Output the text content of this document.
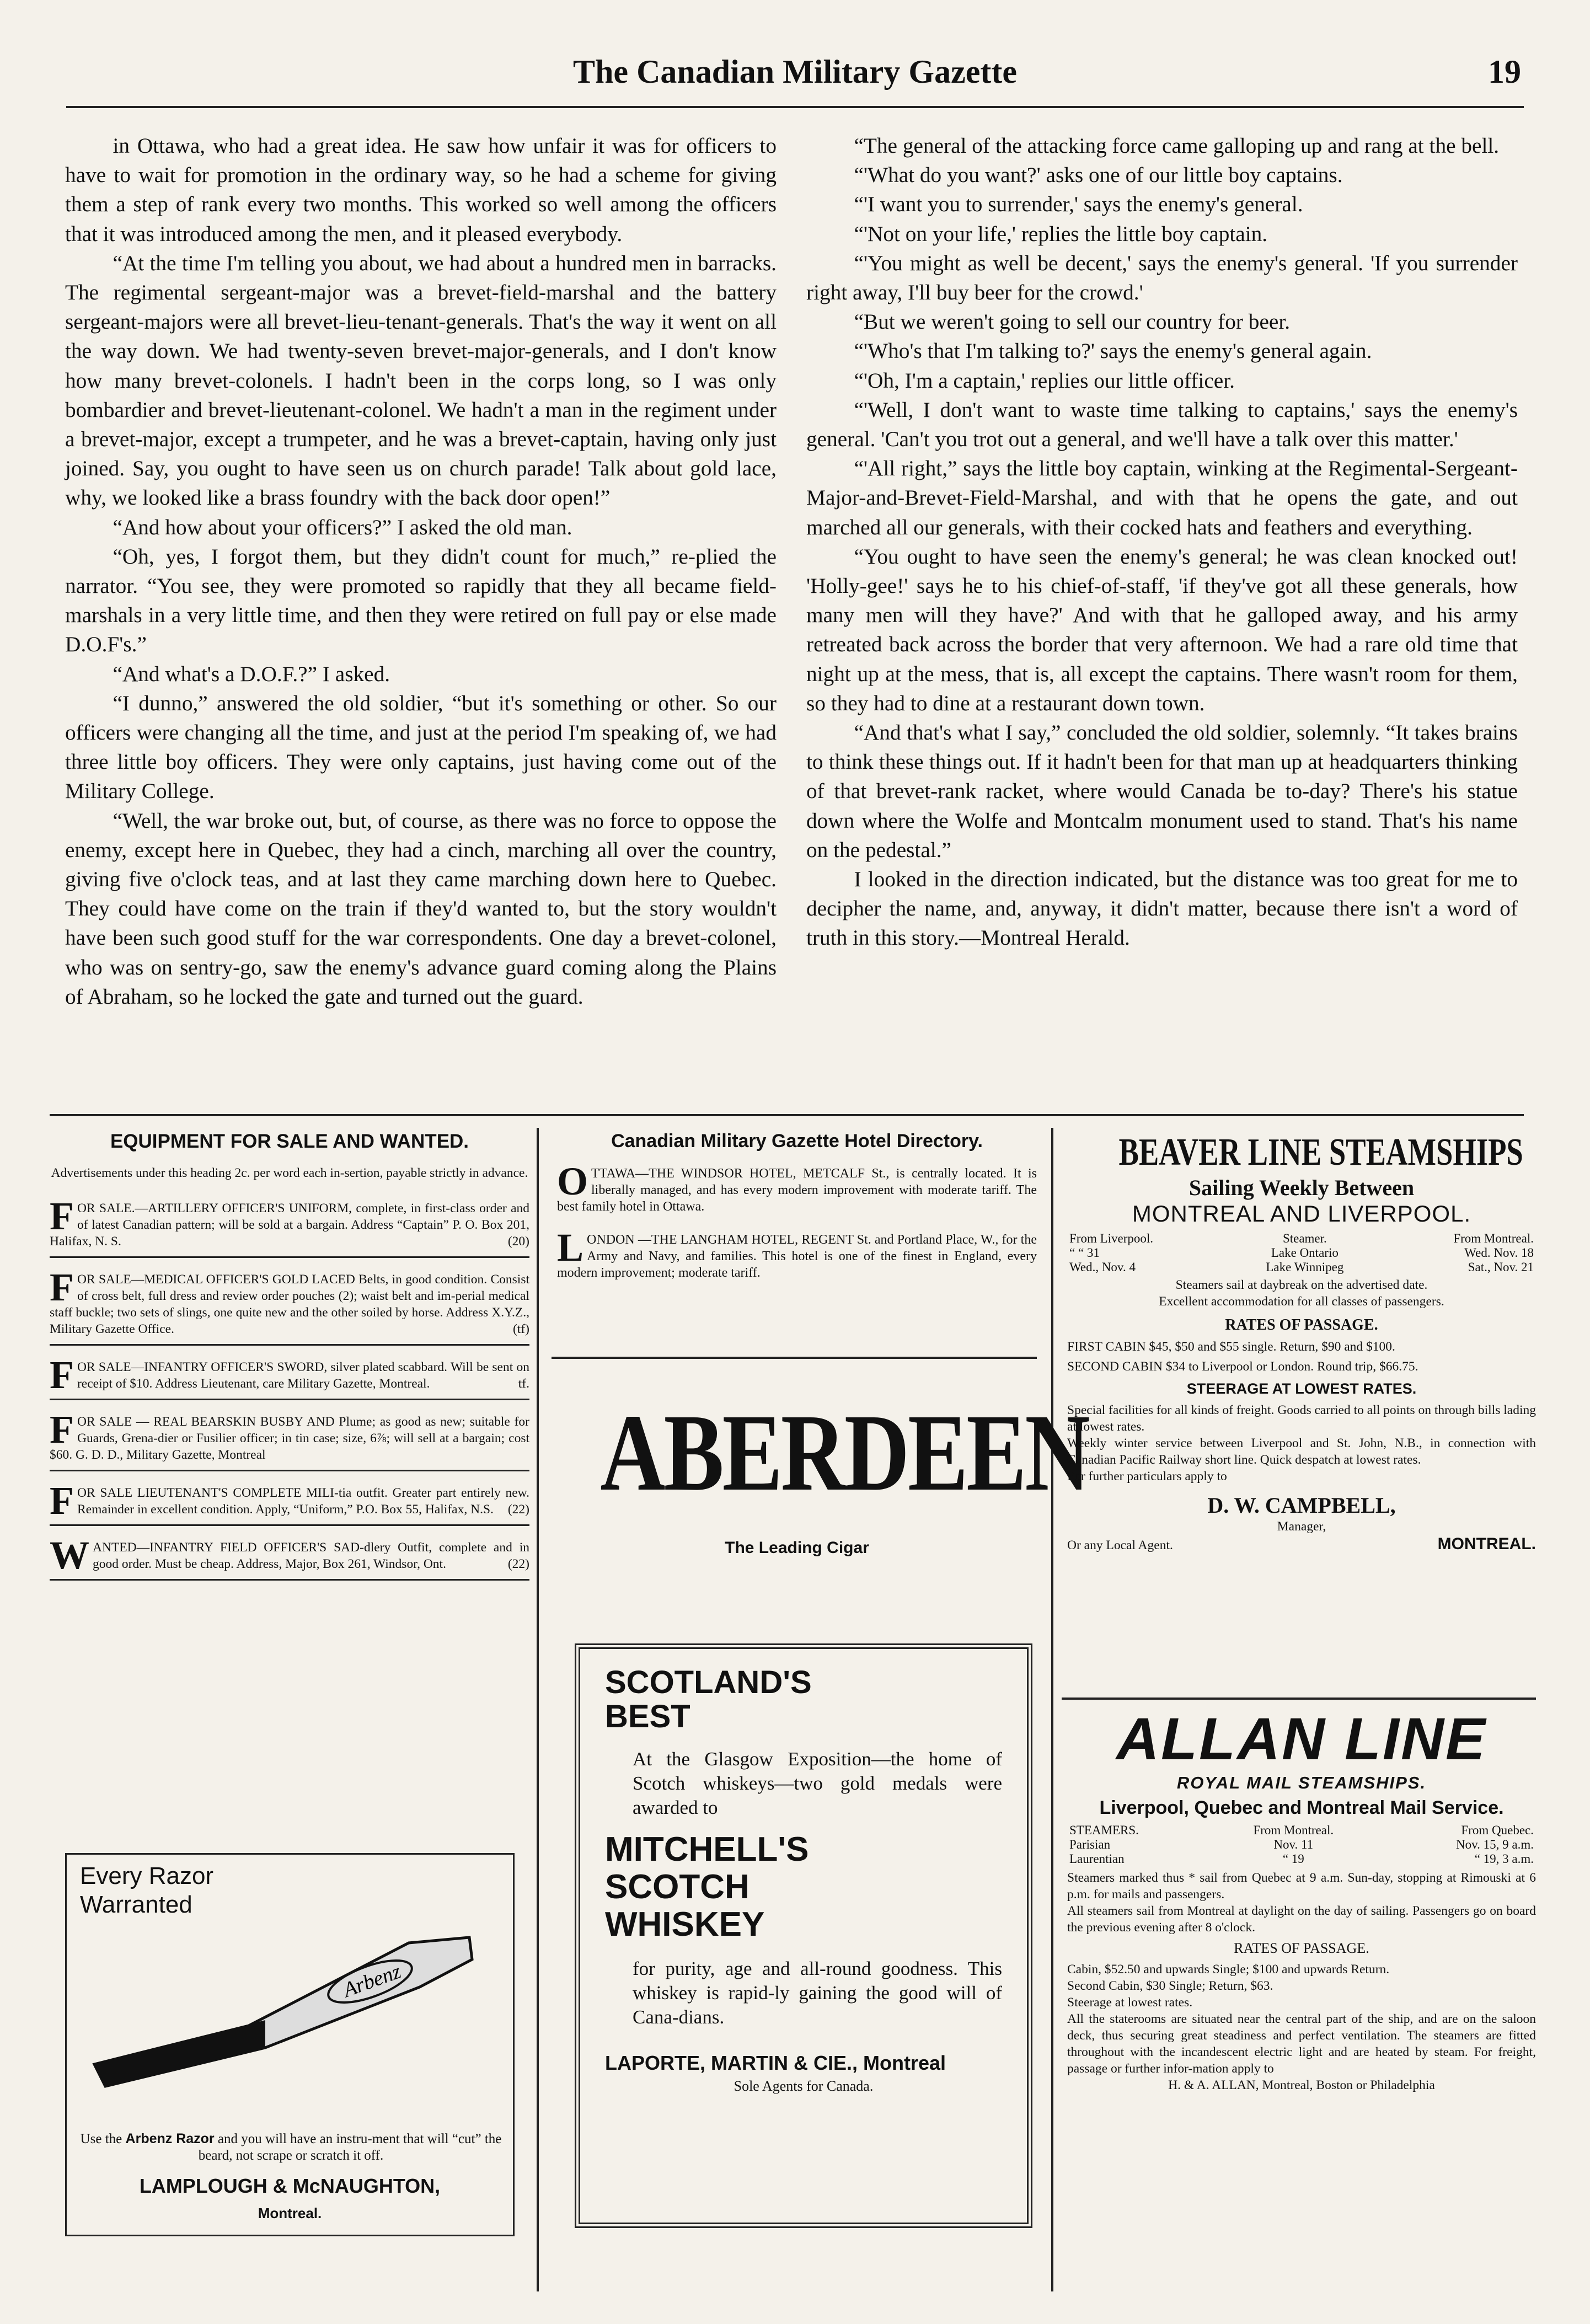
The Canadian Military Gazette	19

in Ottawa, who had a great idea. He saw how unfair it was for officers to have to wait for promotion in the ordinary way, so he had a scheme for giving them a step of rank every two months. This worked so well among the officers that it was introduced among the men, and it pleased everybody.

“At the time I'm telling you about, we had about a hundred men in barracks. The regimental sergeant-major was a brevet-field-marshal and the battery sergeant-majors were all brevet-lieu-tenant-generals. That's the way it went on all the way down. We had twenty-seven brevet-major-generals, and I don't know how many brevet-colonels. I hadn't been in the corps long, so I was only bombardier and brevet-lieutenant-colonel. We hadn't a man in the regiment under a brevet-major, except a trumpeter, and he was a brevet-captain, having only just joined. Say, you ought to have seen us on church parade! Talk about gold lace, why, we looked like a brass foundry with the back door open!”

“And how about your officers?” I asked the old man.

“Oh, yes, I forgot them, but they didn't count for much,” re-plied the narrator. “You see, they were promoted so rapidly that they all became field-marshals in a very little time, and then they were retired on full pay or else made D.O.F's.”

“And what's a D.O.F.?” I asked.

“I dunno,” answered the old soldier, “but it's something or other. So our officers were changing all the time, and just at the period I'm speaking of, we had three little boy officers. They were only captains, just having come out of the Military College.

“Well, the war broke out, but, of course, as there was no force to oppose the enemy, except here in Quebec, they had a cinch, marching all over the country, giving five o'clock teas, and at last they came marching down here to Quebec. They could have come on the train if they'd wanted to, but the story wouldn't have been such good stuff for the war correspondents. One day a brevet-colonel, who was on sentry-go, saw the enemy's advance guard coming along the Plains of Abraham, so he locked the gate and turned out the guard.

“The general of the attacking force came galloping up and rang at the bell.

“'What do you want?' asks one of our little boy captains.

“'I want you to surrender,' says the enemy's general.

“'Not on your life,' replies the little boy captain.

“'You might as well be decent,' says the enemy's general. 'If you surrender right away, I'll buy beer for the crowd.'

“But we weren't going to sell our country for beer.

“'Who's that I'm talking to?' says the enemy's general again.

“'Oh, I'm a captain,' replies our little officer.

“'Well, I don't want to waste time talking to captains,' says the enemy's general. 'Can't you trot out a general, and we'll have a talk over this matter.'

“'All right,” says the little boy captain, winking at the Regimental-Sergeant-Major-and-Brevet-Field-Marshal, and with that he opens the gate, and out marched all our generals, with their cocked hats and feathers and everything.

“You ought to have seen the enemy's general; he was clean knocked out! 'Holly-gee!' says he to his chief-of-staff, 'if they've got all these generals, how many men will they have?' And with that he galloped away, and his army retreated back across the border that very afternoon. We had a rare old time that night up at the mess, that is, all except the captains. There wasn't room for them, so they had to dine at a restaurant down town.

“And that's what I say,” concluded the old soldier, solemnly. “It takes brains to think these things out. If it hadn't been for that man up at headquarters thinking of that brevet-rank racket, where would Canada be to-day? There's his statue down where the Wolfe and Montcalm monument used to stand. That's his name on the pedestal.”

I looked in the direction indicated, but the distance was too great for me to decipher the name, and, anyway, it didn't matter, because there isn't a word of truth in this story.—Montreal Herald.

EQUIPMENT FOR SALE AND WANTED.
Advertisements under this heading 2c. per word each in-sertion, payable strictly in advance.
FOR SALE.—ARTILLERY OFFICER'S UNIFORM, complete, in first-class order and of latest Canadian pattern; will be sold at a bargain. Address “Captain” P. O. Box 201, Halifax, N. S.	(20)
FOR SALE—MEDICAL OFFICER'S GOLD LACED Belts, in good condition. Consist of cross belt, full dress and review order pouches (2); waist belt and im-perial medical staff buckle; two sets of slings, one quite new and the other soiled by horse. Address X.Y.Z., Military Gazette Office.	(tf)
FOR SALE—INFANTRY OFFICER'S SWORD, silver plated scabbard. Will be sent on receipt of $10. Address Lieutenant, care Military Gazette, Montreal.	tf.
FOR SALE — REAL BEARSKIN BUSBY AND Plume; as good as new; suitable for Guards, Grena-dier or Fusilier officer; in tin case; size, 6⅞; will sell at a bargain; cost $60. G. D. D., Military Gazette, Montreal
FOR SALE LIEUTENANT'S COMPLETE MILI-tia outfit. Greater part entirely new. Remainder in excellent condition. Apply, “Uniform,” P.O. Box 55, Halifax, N.S. (22)
WANTED—INFANTRY FIELD OFFICER'S SAD-dlery Outfit, complete and in good order. Must be cheap. Address, Major, Box 261, Windsor, Ont.	(22)
Every Razor
Warranted
Arbenz
Use the Arbenz Razor and you will have an instru-ment that will “cut” the beard, not scrape or scratch it off.
LAMPLOUGH & McNAUGHTON,
Montreal.
Canadian Military Gazette Hotel Directory.
OTTAWA—THE WINDSOR HOTEL, METCALF St., is centrally located. It is liberally managed, and has every modern improvement with moderate tariff. The best family hotel in Ottawa.
LONDON —THE LANGHAM HOTEL, REGENT St. and Portland Place, W., for the Army and Navy, and families. This hotel is one of the finest in England, every modern improvement; moderate tariff.
ABERDEEN
The Leading Cigar
SCOTLAND'S
BEST
At the Glasgow Exposition—the home of Scotch whiskeys—two gold medals were awarded to
MITCHELL'S
SCOTCH
WHISKEY
for purity, age and all-round goodness. This whiskey is rapid-ly gaining the good will of Cana-dians.
LAPORTE, MARTIN & CIE., Montreal
Sole Agents for Canada.
BEAVER LINE STEAMSHIPS
Sailing Weekly Between
MONTREAL AND LIVERPOOL.
From Liverpool.	Steamer.	From Montreal.
“ “ 31	Lake Ontario	Wed. Nov. 18
Wed., Nov. 4	Lake Winnipeg	Sat., Nov. 21
Steamers sail at daybreak on the advertised date.
Excellent accommodation for all classes of passengers.
RATES OF PASSAGE.
FIRST CABIN $45, $50 and $55 single. Return, $90 and $100.
SECOND CABIN $34 to Liverpool or London. Round trip, $66.75.
STEERAGE AT LOWEST RATES.
Special facilities for all kinds of freight. Goods carried to all points on through bills lading at lowest rates.
Weekly winter service between Liverpool and St. John, N.B., in connection with Canadian Pacific Railway short line. Quick despatch at lowest rates.
For further particulars apply to
D. W. CAMPBELL,
Manager,
Or any Local Agent.	MONTREAL.
ALLAN LINE
ROYAL MAIL STEAMSHIPS.
Liverpool, Quebec and Montreal Mail Service.
STEAMERS.	From Montreal.	From Quebec.
Parisian	Nov. 11	Nov. 15, 9 a.m.
Laurentian	“ 19	“ 19, 3 a.m.
Steamers marked thus * sail from Quebec at 9 a.m. Sun-day, stopping at Rimouski at 6 p.m. for mails and passengers.
All steamers sail from Montreal at daylight on the day of sailing. Passengers go on board the previous evening after 8 o'clock.
RATES OF PASSAGE.
Cabin, $52.50 and upwards Single; $100 and upwards Return.
Second Cabin, $30 Single; Return, $63.
Steerage at lowest rates.
All the staterooms are situated near the central part of the ship, and are on the saloon deck, thus securing great steadiness and perfect ventilation. The steamers are fitted throughout with the incandescent electric light and are heated by steam. For freight, passage or further infor-mation apply to
H. & A. ALLAN, Montreal, Boston or Philadelphia
